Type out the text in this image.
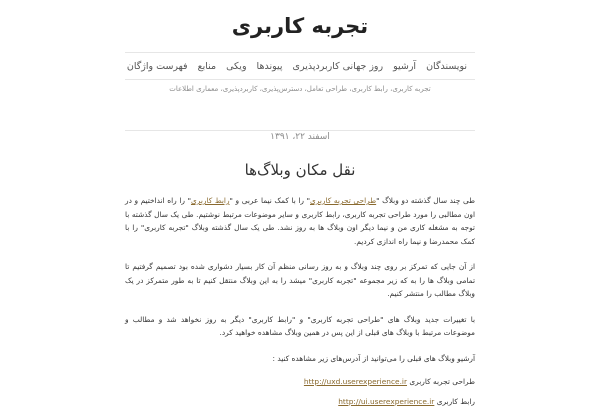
تجربه کاربری
نویسندگان
آرشیو
روز جهانی کاربردپذیری
پیوندها
ویکی
منابع
فهرست واژگان
تجربه کاربری، رابط کاربری، طراحی تعامل، دسترس‌پذیری، کاربردپذیری، معماری اطلاعات
اسفند ۲۲، ۱۳۹۱
نقل مکان وبلاگ‌ها

طی چند سال گذشته دو وبلاگ "طراحی تجربه کاربری" را با کمک نیما عربی و "رابط کاربری" را راه انداختیم و در اون مطالبی را مورد طراحی تجربه کاربری، رابط کاربری و سایر موضوعات مرتبط نوشتیم. طی یک سال گذشته با توجه به مشغله کاری من و نیما دیگر اون وبلاگ ها به روز نشد. طی یک سال گذشته وبلاگ "تجربه کاربری" را با کمک محمدرضا و نیما راه اندازی کردیم.

از آن جایی که تمرکز بر روی چند وبلاگ و به روز رسانی منظم آن کار بسیار دشواری شده بود تصمیم گرفتیم تا تمامی وبلاگ ها را به که زیر مجموعه "تجربه کاربری" میشد را به این وبلاگ منتقل کنیم تا به طور متمرکز در یک وبلاگ مطالب را منتشر کنیم.

با تغییرات جدید وبلاگ های "طراحی تجربه کاربری" و "رابط کاربری" دیگر به روز نخواهد شد و مطالب و موضوعات مرتبط با وبلاگ های قبلی از این پس در همین وبلاگ مشاهده خواهید کرد.

آرشیو وبلاگ های قبلی را می‌توانید از آدرس‌های زیر مشاهده کنید :
طراحی تجربه کاربری http://uxd.userexperience.ir
رابط کاربری http://ui.userexperience.ir
